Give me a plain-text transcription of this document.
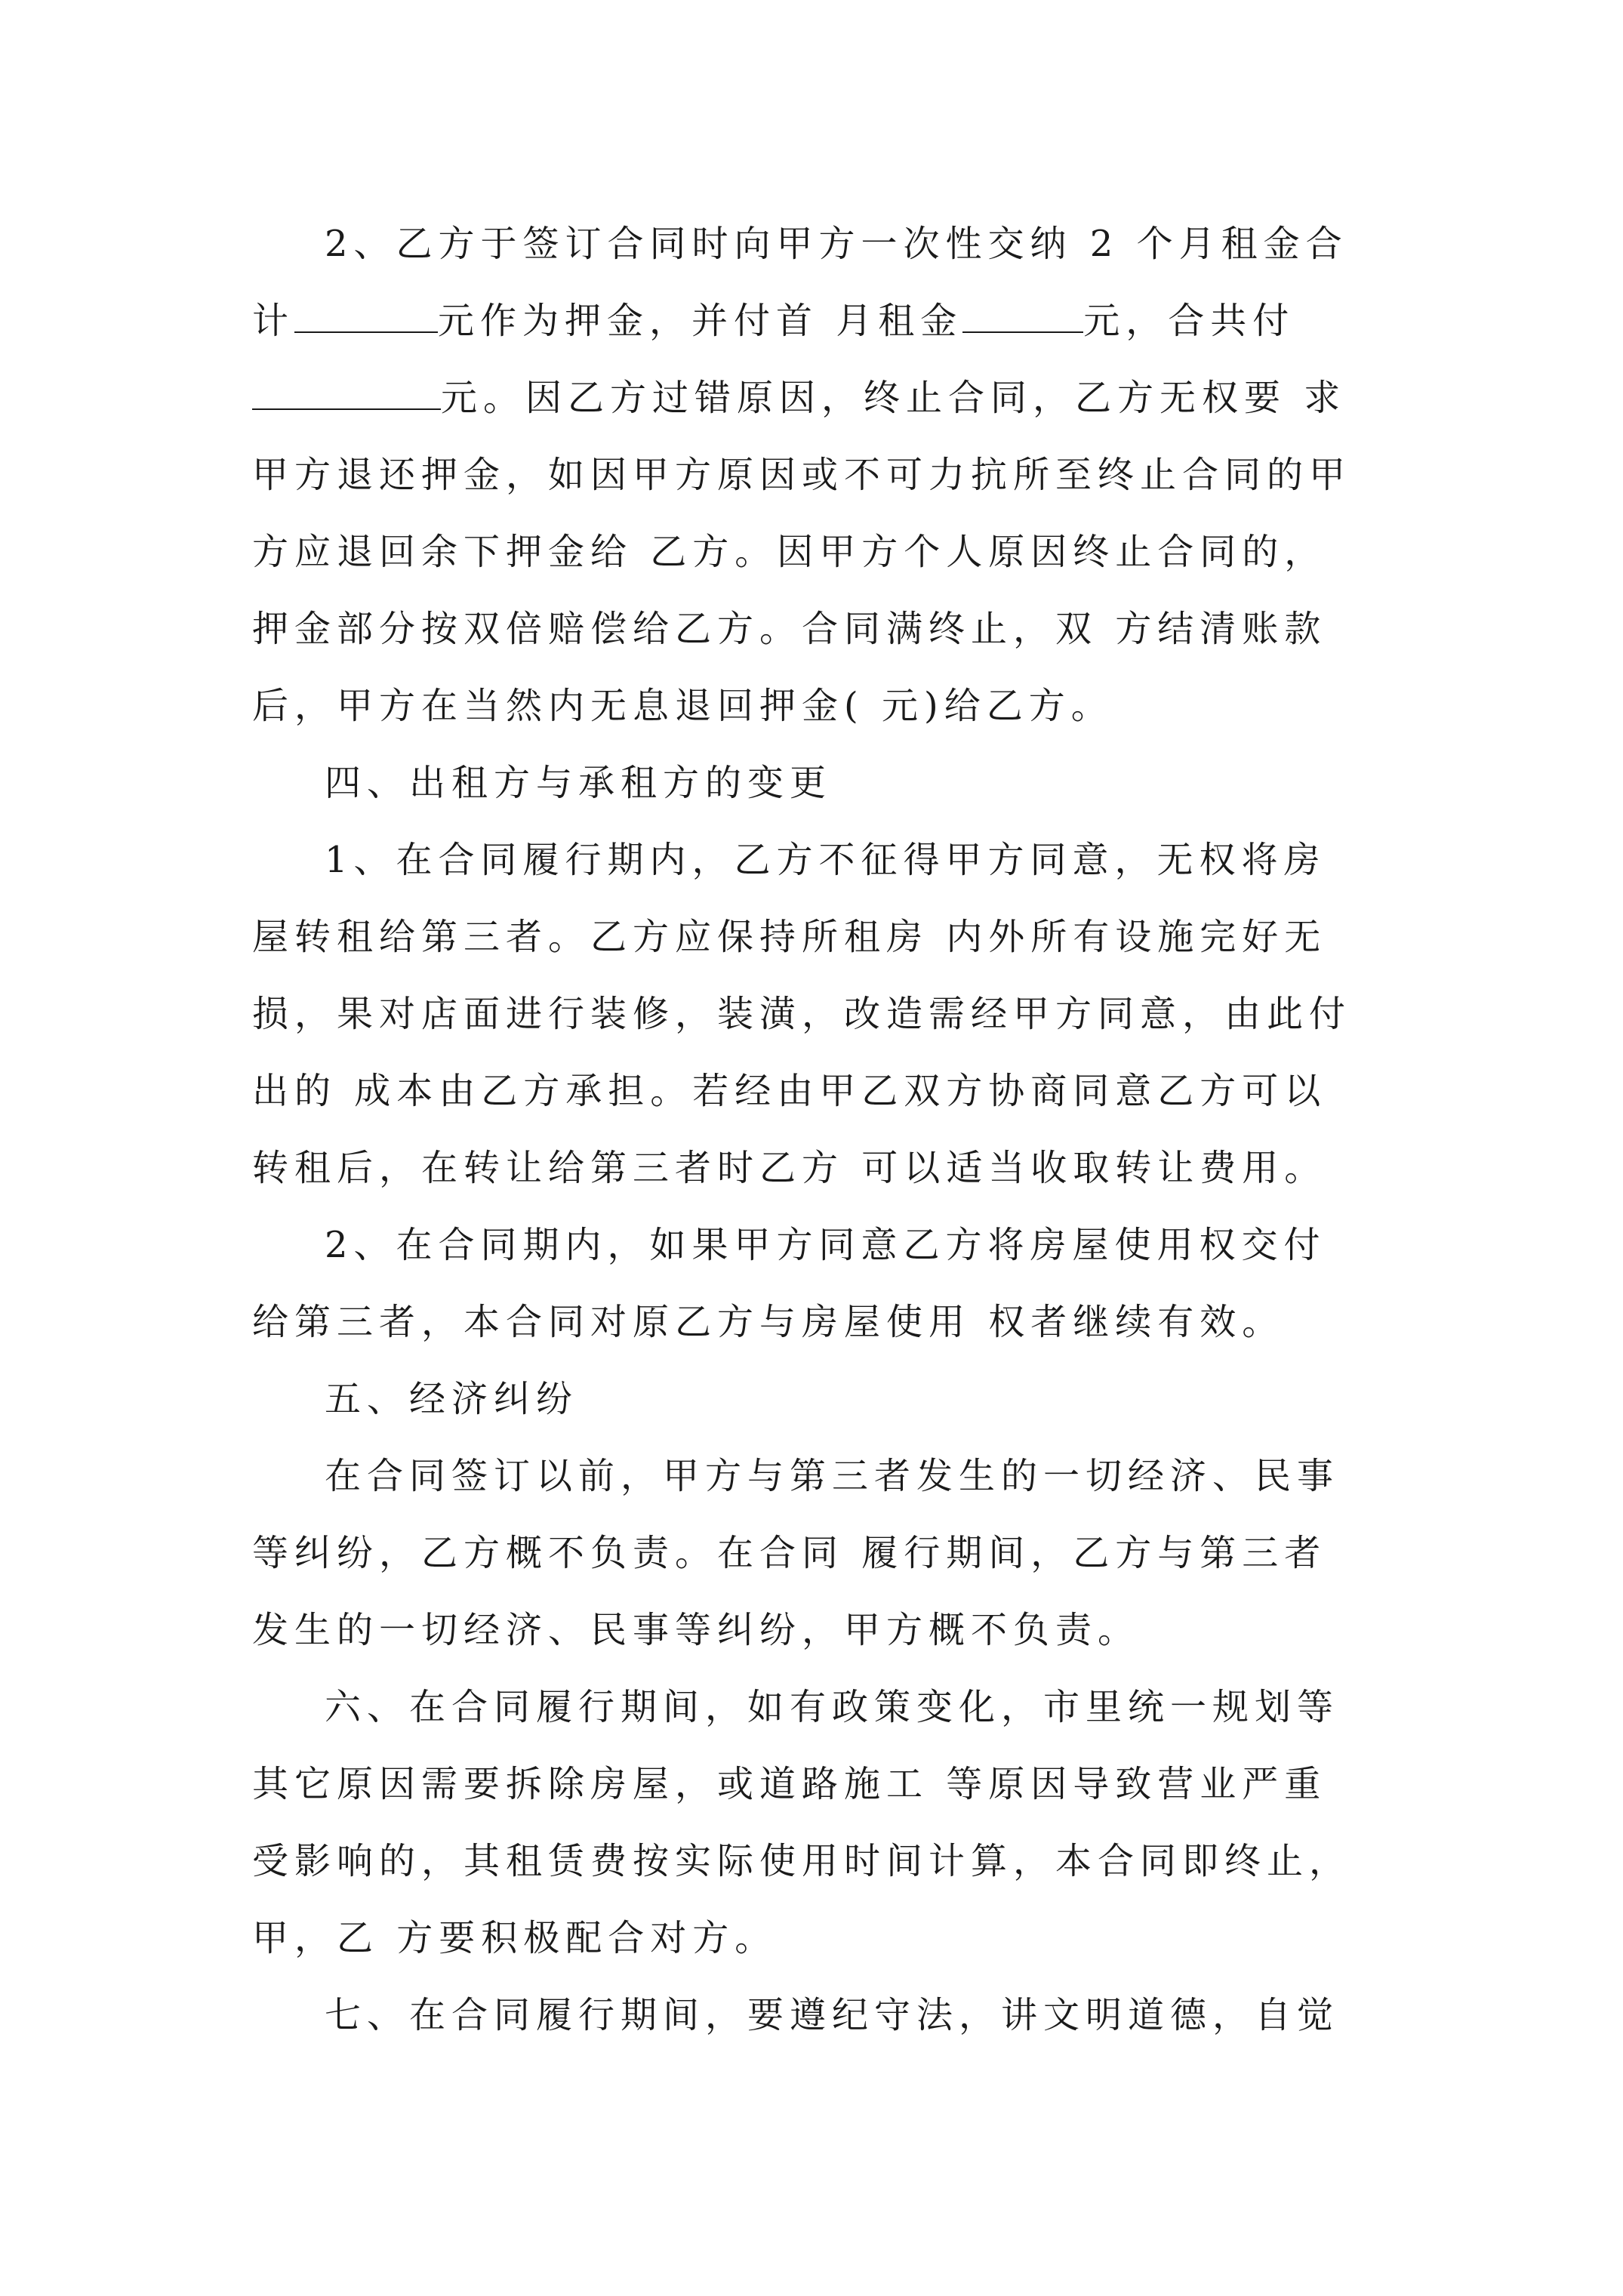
2、乙方于签订合同时向甲方一次性交纳 2 个月租金合
计	元作为押金，并付首 月租金	元，合共付
元。因乙方过错原因，终止合同，乙方无权要 求
甲方退还押金，如因甲方原因或不可力抗所至终止合同的甲
方应退回余下押金给 乙方。因甲方个人原因终止合同的，
押金部分按双倍赔偿给乙方。合同满终止，双 方结清账款
后，甲方在当然内无息退回押金( 元)给乙方。
四、出租方与承租方的变更
1、在合同履行期内，乙方不征得甲方同意，无权将房
屋转租给第三者。乙方应保持所租房 内外所有设施完好无
损，果对店面进行装修，装潢，改造需经甲方同意，由此付
出的 成本由乙方承担。若经由甲乙双方协商同意乙方可以
转租后，在转让给第三者时乙方 可以适当收取转让费用。
2、在合同期内，如果甲方同意乙方将房屋使用权交付
给第三者，本合同对原乙方与房屋使用 权者继续有效。
五、经济纠纷
在合同签订以前，甲方与第三者发生的一切经济、民事
等纠纷，乙方概不负责。在合同 履行期间，乙方与第三者
发生的一切经济、民事等纠纷，甲方概不负责。
六、在合同履行期间，如有政策变化，市里统一规划等
其它原因需要拆除房屋，或道路施工 等原因导致营业严重
受影响的，其租赁费按实际使用时间计算，本合同即终止，
甲，乙 方要积极配合对方。
七、在合同履行期间，要遵纪守法，讲文明道德，自觉
